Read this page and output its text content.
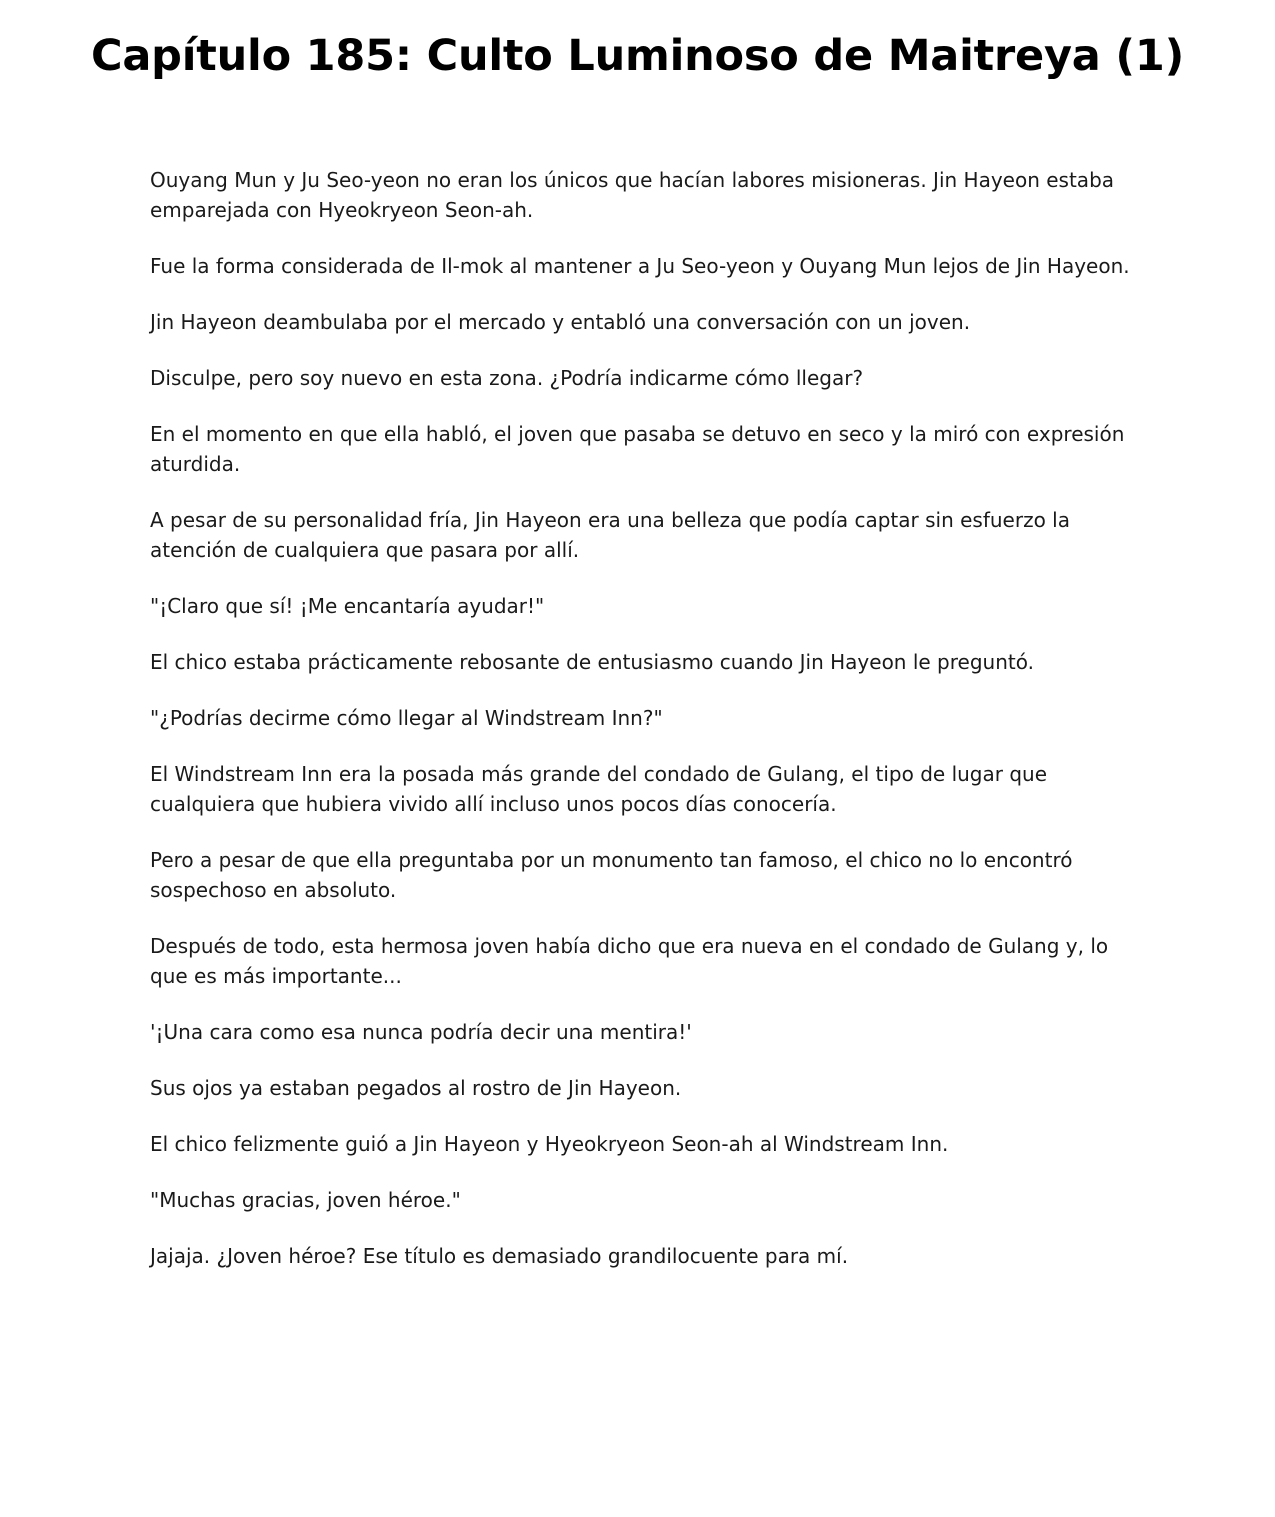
Capítulo 185: Culto Luminoso de Maitreya (1)

Ouyang Mun y Ju Seo-yeon no eran los únicos que hacían labores misioneras. Jin Hayeon estaba emparejada con Hyeokryeon Seon-ah.

Fue la forma considerada de Il-mok al mantener a Ju Seo-yeon y Ouyang Mun lejos de Jin Hayeon.

Jin Hayeon deambulaba por el mercado y entabló una conversación con un joven.

Disculpe, pero soy nuevo en esta zona. ¿Podría indicarme cómo llegar?

En el momento en que ella habló, el joven que pasaba se detuvo en seco y la miró con expresión aturdida.

A pesar de su personalidad fría, Jin Hayeon era una belleza que podía captar sin esfuerzo la atención de cualquiera que pasara por allí.

"¡Claro que sí! ¡Me encantaría ayudar!"

El chico estaba prácticamente rebosante de entusiasmo cuando Jin Hayeon le preguntó.

"¿Podrías decirme cómo llegar al Windstream Inn?"

El Windstream Inn era la posada más grande del condado de Gulang, el tipo de lugar que cualquiera que hubiera vivido allí incluso unos pocos días conocería.

Pero a pesar de que ella preguntaba por un monumento tan famoso, el chico no lo encontró sospechoso en absoluto.

Después de todo, esta hermosa joven había dicho que era nueva en el condado de Gulang y, lo que es más importante...

'¡Una cara como esa nunca podría decir una mentira!'

Sus ojos ya estaban pegados al rostro de Jin Hayeon.

El chico felizmente guió a Jin Hayeon y Hyeokryeon Seon-ah al Windstream Inn.

"Muchas gracias, joven héroe."

Jajaja. ¿Joven héroe? Ese título es demasiado grandilocuente para mí.
